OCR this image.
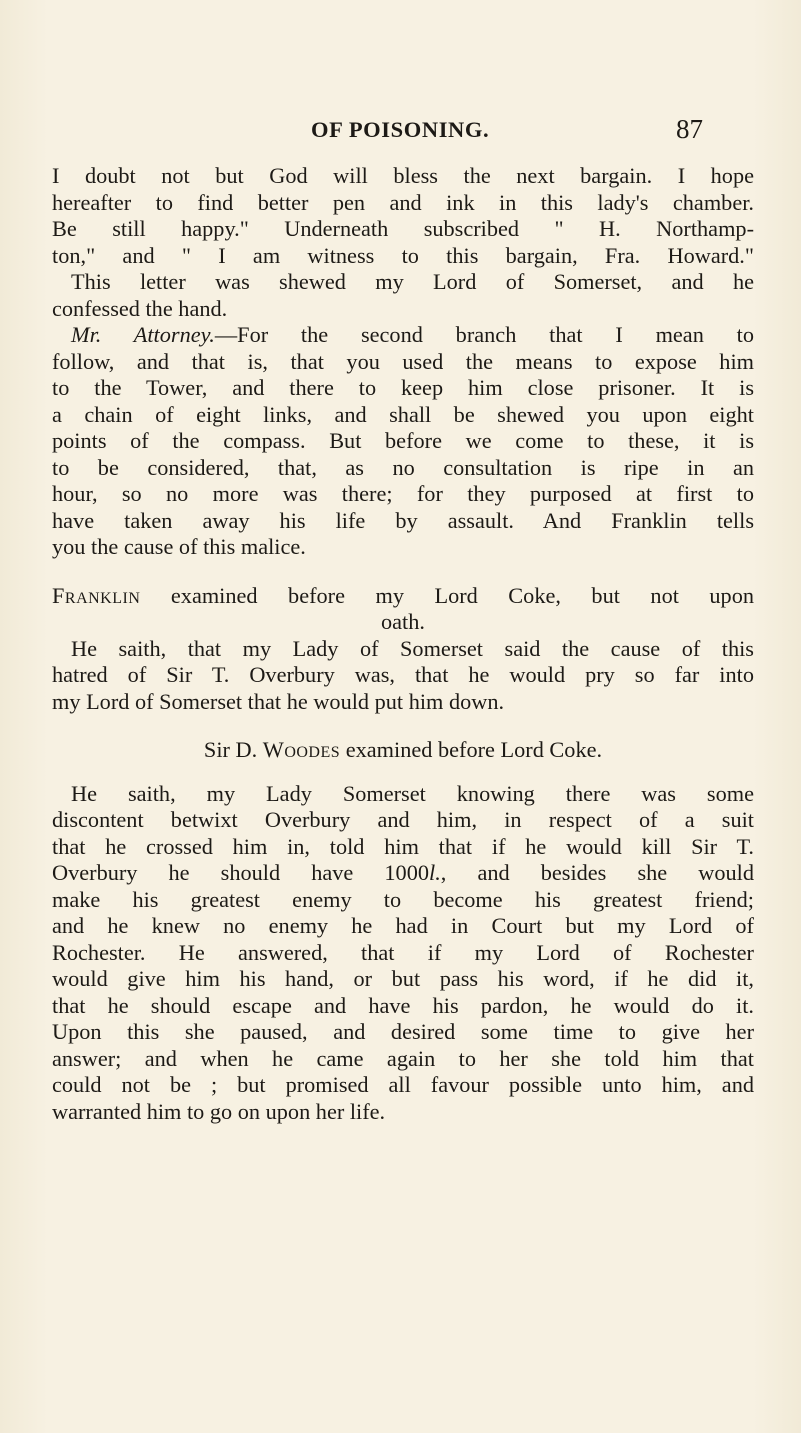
OF POISONING.	87
I doubt not but God will bless the next bargain. I hope
hereafter to find better pen and ink in this lady's chamber.
Be still happy." Underneath subscribed " H. Northamp-
ton," and " I am witness to this bargain, Fra. Howard."
This letter was shewed my Lord of Somerset, and he
confessed the hand.
Mr. Attorney.—For the second branch that I mean to
follow, and that is, that you used the means to expose him
to the Tower, and there to keep him close prisoner. It is
a chain of eight links, and shall be shewed you upon eight
points of the compass. But before we come to these, it is
to be considered, that, as no consultation is ripe in an
hour, so no more was there; for they purposed at first to
have taken away his life by assault. And Franklin tells
you the cause of this malice.
Franklin examined before my Lord Coke, but not upon
oath.
He saith, that my Lady of Somerset said the cause of this
hatred of Sir T. Overbury was, that he would pry so far into
my Lord of Somerset that he would put him down.
Sir D. Woodes examined before Lord Coke.
He saith, my Lady Somerset knowing there was some
discontent betwixt Overbury and him, in respect of a suit
that he crossed him in, told him that if he would kill Sir T.
Overbury he should have 1000l., and besides she would
make his greatest enemy to become his greatest friend;
and he knew no enemy he had in Court but my Lord of
Rochester. He answered, that if my Lord of Rochester
would give him his hand, or but pass his word, if he did it,
that he should escape and have his pardon, he would do it.
Upon this she paused, and desired some time to give her
answer; and when he came again to her she told him that
could not be ; but promised all favour possible unto him, and
warranted him to go on upon her life.
